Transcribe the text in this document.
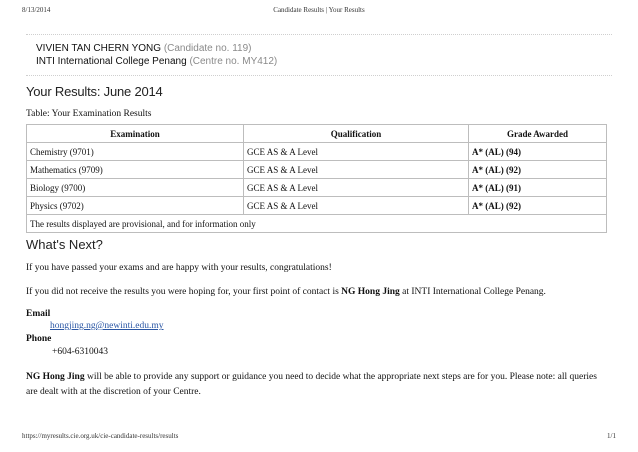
8/13/2014	Candidate Results | Your Results
VIVIEN TAN CHERN YONG (Candidate no. 119)
INTI International College Penang (Centre no. MY412)
Your Results: June 2014
Table: Your Examination Results
Examination	Qualification	Grade Awarded
Chemistry (9701)	GCE AS & A Level	A* (AL) (94)
Mathematics (9709)	GCE AS & A Level	A* (AL) (92)
Biology (9700)	GCE AS & A Level	A* (AL) (91)
Physics (9702)	GCE AS & A Level	A* (AL) (92)
The results displayed are provisional, and for information only		
What's Next?
If you have passed your exams and are happy with your results, congratulations!
If you did not receive the results you were hoping for, your first point of contact is NG Hong Jing at INTI International College Penang.
Email
hongjing.ng@newinti.edu.my
Phone
+604-6310043
NG Hong Jing will be able to provide any support or guidance you need to decide what the appropriate next steps are for you. Please note: all queries are dealt with at the discretion of your Centre.
https://myresults.cie.org.uk/cie-candidate-results/results	1/1
